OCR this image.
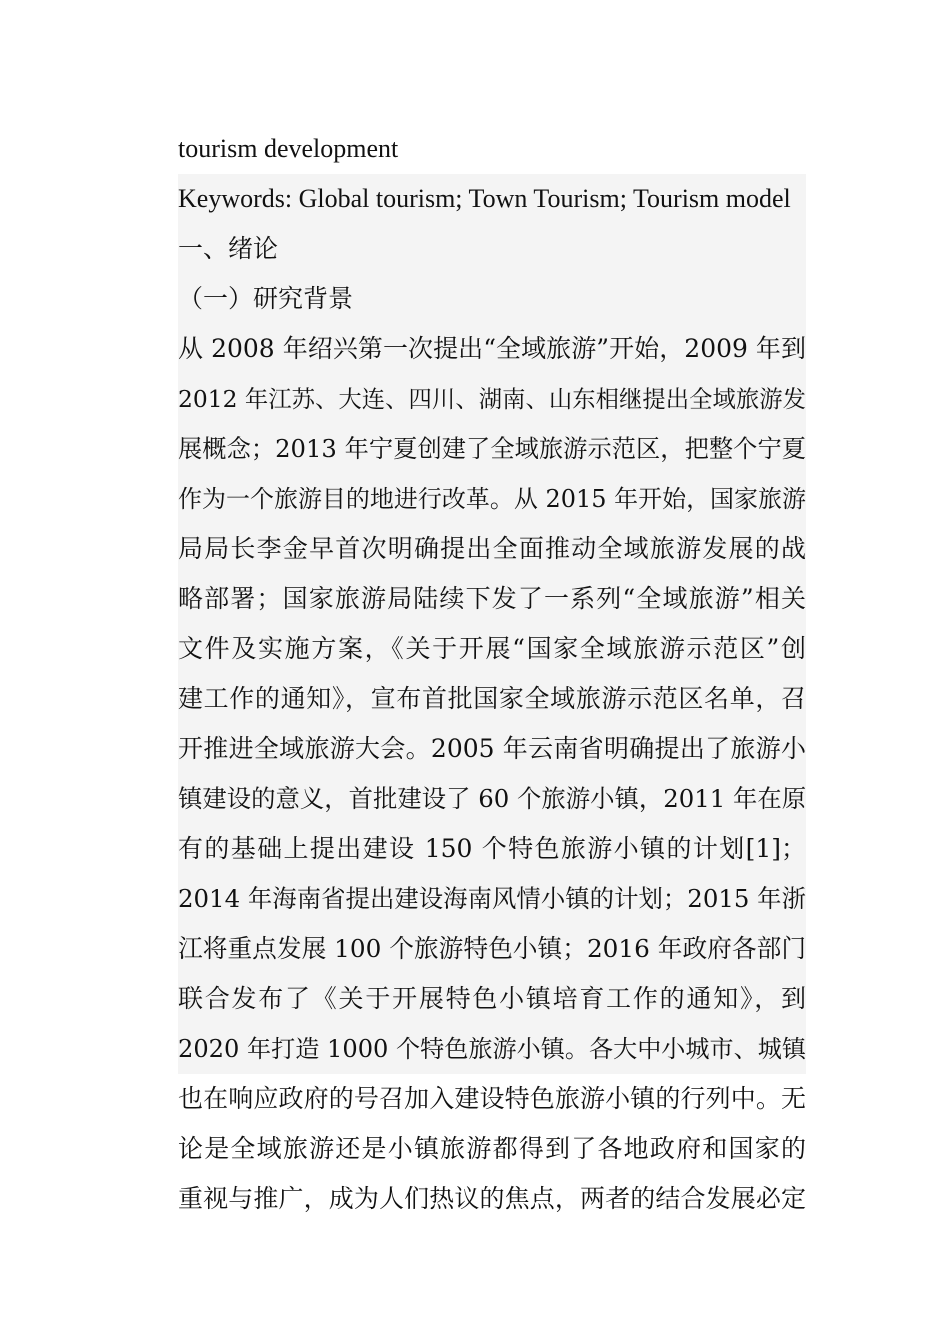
tourism development
Keywords: Global tourism; Town Tourism; Tourism model
一、绪论
（一）研究背景
从 2008 年绍兴第一次提出“全域旅游”开始，2009 年到
2012 年江苏、大连、四川、湖南、山东相继提出全域旅游发
展概念；2013 年宁夏创建了全域旅游示范区，把整个宁夏
作为一个旅游目的地进行改革。从 2015 年开始，国家旅游
局局长李金早首次明确提出全面推动全域旅游发展的战
略部署；国家旅游局陆续下发了一系列“全域旅游”相关
文件及实施方案，《关于开展“国家全域旅游示范区”创
建工作的通知》，宣布首批国家全域旅游示范区名单，召
开推进全域旅游大会。2005 年云南省明确提出了旅游小
镇建设的意义，首批建设了 60 个旅游小镇，2011 年在原
有的基础上提出建设 150 个特色旅游小镇的计划[1]；
2014 年海南省提出建设海南风情小镇的计划；2015 年浙
江将重点发展 100 个旅游特色小镇；2016 年政府各部门
联合发布了《关于开展特色小镇培育工作的通知》，到
2020 年打造 1000 个特色旅游小镇。各大中小城市、城镇
也在响应政府的号召加入建设特色旅游小镇的行列中。无
论是全域旅游还是小镇旅游都得到了各地政府和国家的
重视与推广，成为人们热议的焦点，两者的结合发展必定
